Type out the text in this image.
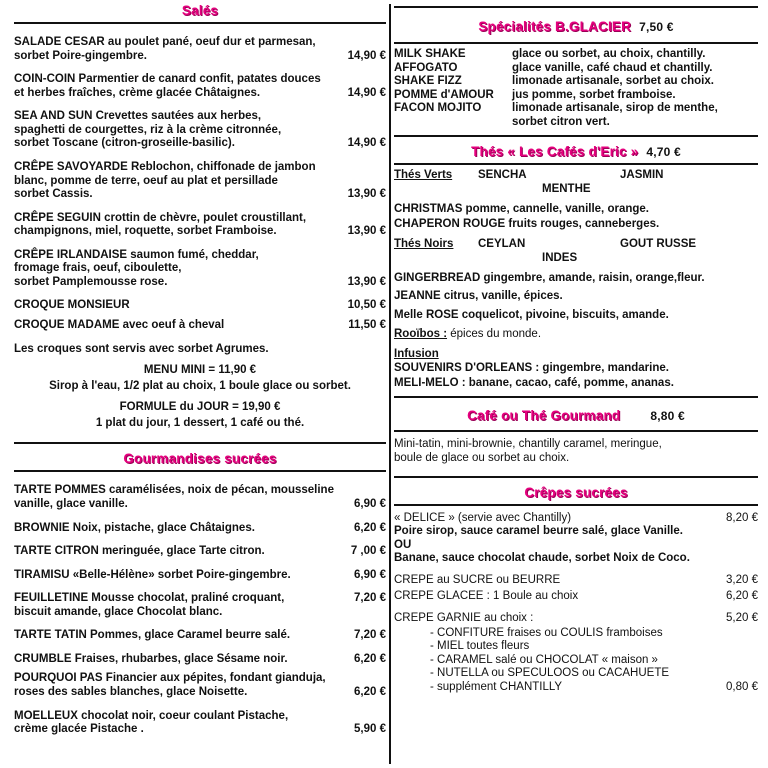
Salés
SALADE CESAR au poulet pané, oeuf dur et parmesan,
sorbet Poire-gingembre.	14,90 €
COIN-COIN Parmentier de canard confit, patates douces
et herbes fraîches, crème glacée Châtaignes.	14,90 €
SEA AND SUN Crevettes sautées aux herbes,
spaghetti de courgettes, riz à la crème citronnée,
sorbet Toscane (citron-groseille-basilic).	14,90 €
CRÊPE SAVOYARDE Reblochon, chiffonade de jambon
blanc, pomme de terre, oeuf au plat et persillade
sorbet Cassis.	13,90 €
CRÊPE SEGUIN crottin de chèvre, poulet croustillant,
champignons, miel, roquette, sorbet Framboise.	13,90 €
CRÊPE IRLANDAISE saumon fumé, cheddar,
fromage frais, oeuf, ciboulette,
sorbet Pamplemousse rose.	13,90 €
CROQUE MONSIEUR	10,50 €
CROQUE MADAME avec oeuf à cheval	11,50 €
Les croques sont servis avec sorbet Agrumes.
MENU MINI = 11,90 €
Sirop à l'eau, 1/2 plat au choix, 1 boule glace ou sorbet.
FORMULE du JOUR = 19,90 €
1 plat du jour, 1 dessert, 1 café ou thé.
Gourmandises sucrées
TARTE POMMES caramélisées, noix de pécan, mousseline
vanille, glace vanille.	6,90 €
BROWNIE Noix, pistache, glace Châtaignes.	6,20 €
TARTE CITRON meringuée, glace Tarte citron.	7 ,00 €
TIRAMISU «Belle-Hélène» sorbet Poire-gingembre.	6,90 €
FEUILLETINE Mousse chocolat, praliné croquant,	7,20 €
biscuit amande, glace Chocolat blanc.
TARTE TATIN Pommes, glace Caramel beurre salé.	7,20 €
CRUMBLE Fraises, rhubarbes, glace Sésame noir.	6,20 €
POURQUOI PAS Financier aux pépites, fondant gianduja,
roses des sables blanches, glace Noisette.	6,20 €
MOELLEUX chocolat noir, coeur coulant Pistache,
crème glacée Pistache .	5,90 €
Spécialités B.GLACIER 7,50 €
MILK SHAKE	glace ou sorbet, au choix, chantilly.
AFFOGATO	glace vanille, café chaud et chantilly.
SHAKE FIZZ	limonade artisanale, sorbet au choix.
POMME d'AMOUR	jus pomme, sorbet framboise.
FACON MOJITO	limonade artisanale, sirop de menthe,
sorbet citron vert.
Thés « Les Cafés d'Eric » 4,70 €
Thés Verts SENCHA	JASMIN
MENTHE
CHRISTMAS pomme, cannelle, vanille, orange.
CHAPERON ROUGE fruits rouges, canneberges.
Thés Noirs CEYLAN	GOUT RUSSE
INDES
GINGERBREAD gingembre, amande, raisin, orange,fleur.
JEANNE citrus, vanille, épices.
Melle ROSE coquelicot, pivoine, biscuits, amande.
Rooïbos : épices du monde.
Infusion
SOUVENIRS D'ORLEANS : gingembre, mandarine.
MELI-MELO : banane, cacao, café, pomme, ananas.
Café ou Thé Gourmand	8,80 €
Mini-tatin, mini-brownie, chantilly caramel, meringue,
boule de glace ou sorbet au choix.
Crêpes sucrées
« DELICE » (servie avec Chantilly)	8,20 €
Poire sirop, sauce caramel beurre salé, glace Vanille.
OU
Banane, sauce chocolat chaude, sorbet Noix de Coco.
CREPE au SUCRE ou BEURRE	3,20 €
CREPE GLACEE : 1 Boule au choix	6,20 €
CREPE GARNIE au choix :	5,20 €
- CONFITURE fraises ou COULIS framboises
- MIEL toutes fleurs
- CARAMEL salé ou CHOCOLAT « maison »
- NUTELLA ou SPECULOOS ou CACAHUETE
- supplément CHANTILLY	0,80 €
